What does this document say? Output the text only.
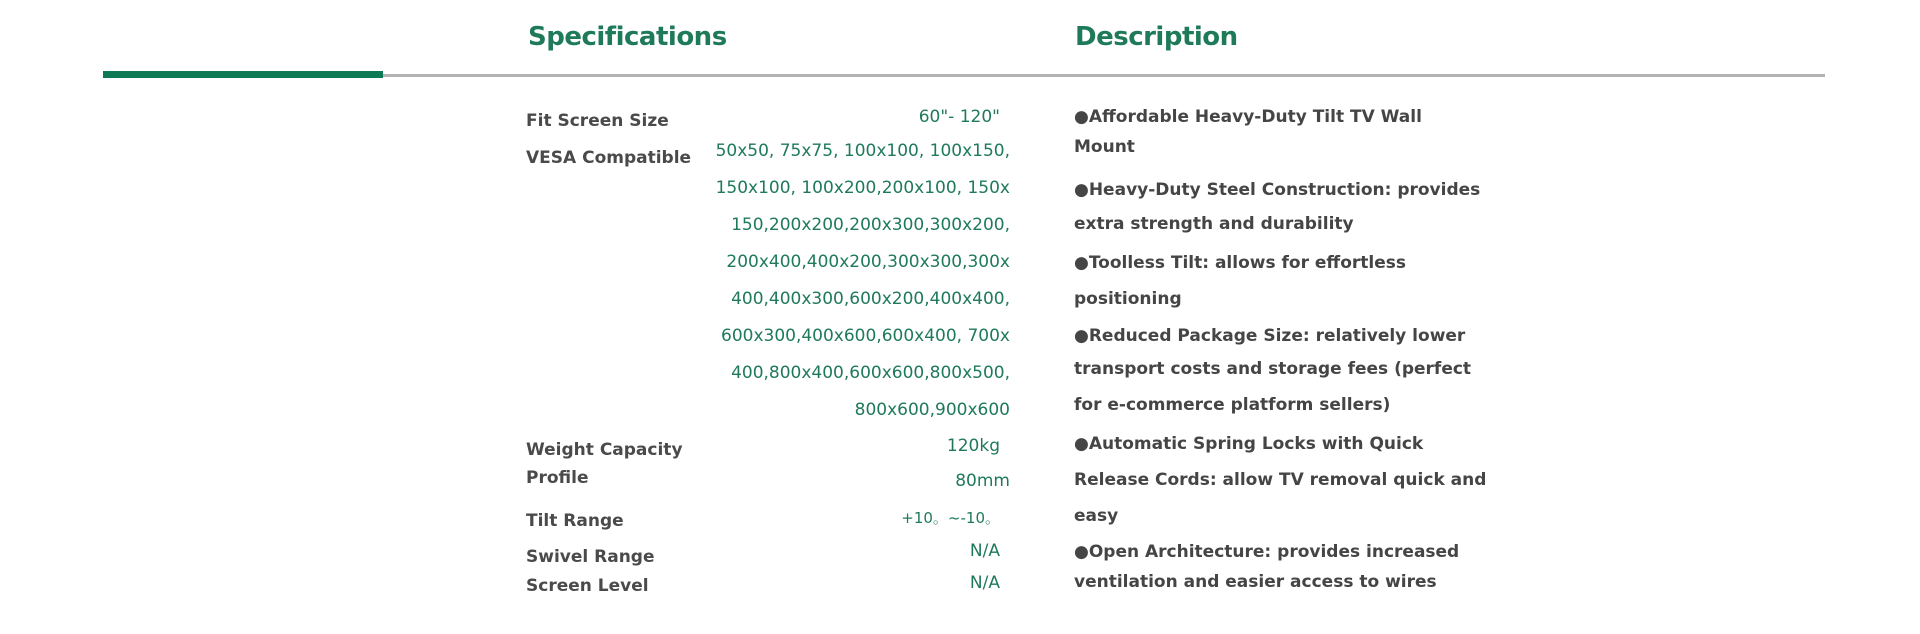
Specifications	Description

Fit Screen Size	60"- 120"

VESA Compatible 50x50, 75x75, 100x100, 100x150,
150x100, 100x200,200x100, 150x
150,200x200,200x300,300x200,
200x400,400x200,300x300,300x
400,400x300,600x200,400x400,
600x300,400x600,600x400, 700x
400,800x400,600x600,800x500,
800x600,900x600

Weight Capacity	120kg

Profile	80mm

Tilt Range	+10。~-10。

Swivel Range	N/A

Screen Level	N/A

●Affordable Heavy-Duty Tilt TV Wall

Mount

●Heavy-Duty Steel Construction: provides

extra strength and durability

●Toolless Tilt: allows for effortless

positioning

●Reduced Package Size: relatively lower

transport costs and storage fees (perfect

for e-commerce platform sellers)

●Automatic Spring Locks with Quick

Release Cords: allow TV removal quick and

easy

●Open Architecture: provides increased

ventilation and easier access to wires
